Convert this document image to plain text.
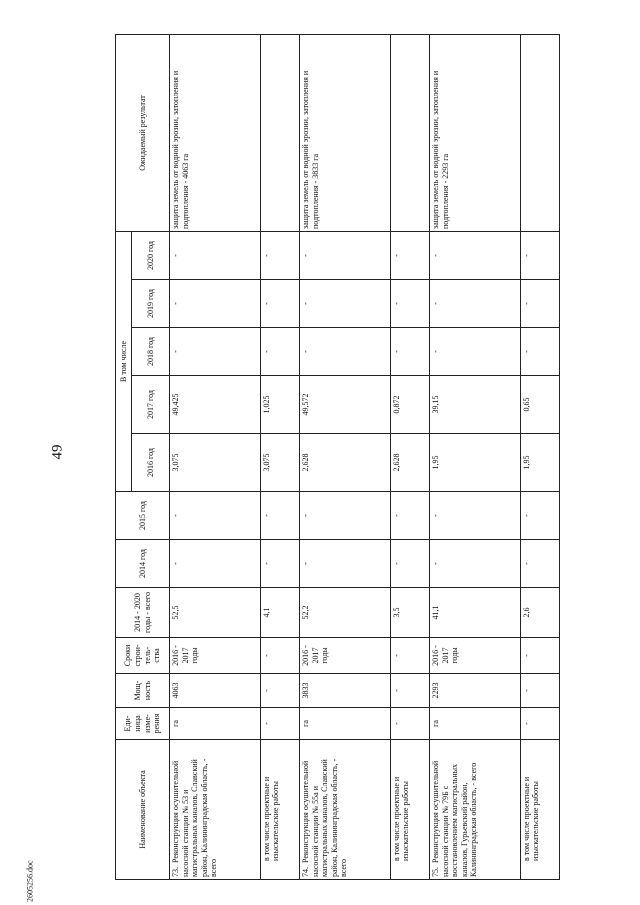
49
Наименование объекта	Еди-ница изме-рения	Мощ-ность	Сроки строи-тель-ства	2014 - 2020 годы - всего	2014 год	2015 год	В том числе					Ожидаемый результат
							2016 год	2017 год	2018 год	2019 год	2020 год	
73.Реконструкция осушительной насосной станции № 53 и магистральных каналов, Славский район, Калининградская область, - всего	га	4063	2016 - 2017 годы	52,5	-	-	3,075	49,425	-	-	-	защита земель от водной эрозии, затопления и подтопления - 4063 га
в том числе проектные и изыскательские работы	-	-	-	4,1	-	-	3,075	1,025	-	-	-	
74.Реконструкция осушительной насосной станции № 55а и магистральных каналов, Славский район, Калининградская область, - всего	га	3833	2016 - 2017 годы	52,2	-	-	2,628	49,572	-	-	-	защита земель от водной эрозии, затопления и подтопления - 3833 га
в том числе проектные и изыскательские работы	-	-	-	3,5	-	-	2,628	0,872	-	-	-	
75.Реконструкция осушительной насосной станции № 79Б с восстановлением магистральных каналов, Гурьевский район, Калининградская область, - всего	га	2293	2016 - 2017 годы	41,1	-	-	1,95	39,15	-	-	-	защита земель от водной эрозии, затопления и подтопления - 2293 га
в том числе проектные и изыскательские работы	-	-	-	2,6	-	-	1,95	0,65	-	-	-	
2605256.doc
